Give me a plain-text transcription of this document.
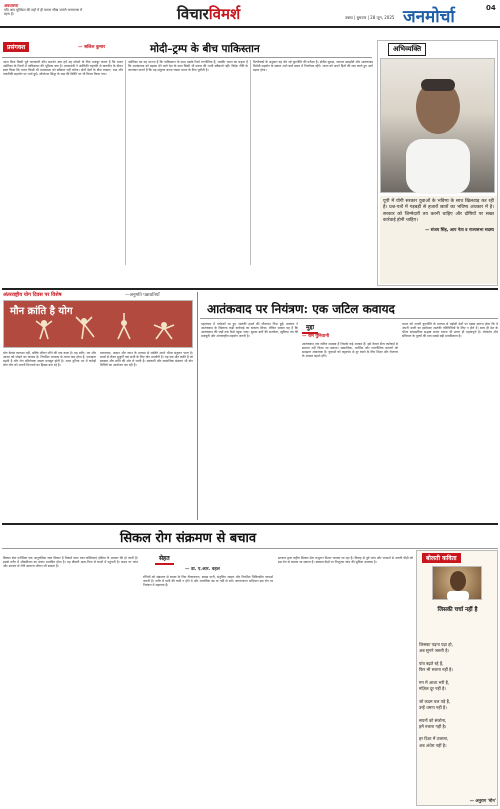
अवधारणा
यदि आप मुश्किल की राहों में ही चलना सीख जाएंगे जनमानस में रहना है।	विचारविमर्श	उन्नाव | बुधवार | 28 जून, 2025 जनमोर्चा	04
प्रसंगवश	— सलिल कुमार	मोदी–ट्रम्प के बीच पाकिस्तान
आज बिना किसी पूर्व जानकारी कौन समर्थन क्या हमें यह सोचने के लिए मजबूर करता है कि भारत अमेरिका के रिश्तों में पाकिस्तान की भूमिका क्या है। प्रधानमंत्री ने अमेरिकी राष्ट्रपति से बातचीत के दौरान स्पष्ट किया कि भारत किसी भी मध्यस्थता को स्वीकार नहीं करेगा। दोनों देशों के बीच व्यापार, रक्षा और तकनीकी सहयोग पर चर्चा हुई। ऑपरेशन सिंदूर के बाद की स्थिति पर भी विचार किया गया।
अमेरिका का यह मानना है कि पाकिस्तान के साथ उसके रिश्ते रणनीतिक हैं, जबकि भारत का कहना है कि आतंकवाद को बढ़ावा देने वाले देश के साथ किसी भी प्रकार की नरमी स्वीकार्य नहीं। विदेश नीति के जानकार मानते हैं कि यह संतुलन बनाए रखना भारत के लिए चुनौती है।
विश्लेषकों के अनुसार यह दौर नई कूटनीति की परीक्षा है। क्षेत्रीय सुरक्षा, व्यापार समझौते और आतंकवाद विरोधी सहयोग के सवाल आने वाले समय में निर्णायक रहेंगे। भारत को अपने हितों की रक्षा करते हुए आगे बढ़ना होगा।
अभिव्यक्ति
यूपी में योगी सरकार युवाओं के भविष्य के साथ खिलवाड़ कर रही है। प्रश्न-पत्रों में गड़बड़ी से हजारों छात्रों का भविष्य अंधकार में है। सरकार को जिम्मेदारी तय करनी चाहिए और दोषियों पर सख्त कार्रवाई होनी चाहिए।
— संजय सिंह, आप नेता व राज्यसभा सदस्य
अंतरराष्ट्रीय योग दिवस पर विशेष	—अनुमति पन्नावतियाँ
मौन क्रांति है योग
योग केवल व्यायाम नहीं, बल्कि जीवन जीने की एक कला है। यह शरीर, मन और आत्मा को जोड़ने का माध्यम है। नियमित अभ्यास से तनाव कम होता है, एकाग्रता बढ़ती है और रोग प्रतिरोधक क्षमता मजबूत होती है। आज दुनिया भर में करोड़ों लोग योग को अपनी दिनचर्या का हिस्सा बना रहे हैं।
प्राणायाम, आसन और ध्यान के माध्यम से व्यक्ति अपने भीतर संतुलन पाता है। बच्चों से लेकर बुजुर्गों तक सभी के लिए योग उपयोगी है। यह एक मौन क्रांति है जो स्वास्थ्य और शांति की ओर ले जाती है। सरकारी और सामाजिक संस्थाएं भी योग शिविरों का आयोजन कर रही हैं।
आतंकवाद पर नियंत्रण: एक जटिल कवायद
पहलगाम में पर्यटकों पर हुए आतंकी हमले की चौतरफा निंदा हुई। सरकार ने आतंकवाद के खिलाफ कड़ी कार्रवाई का संकल्प लिया। लेकिन सवाल यह है कि आतंकवाद की जड़ों तक कैसे पहुंचा जाए। सुरक्षा बलों की सतर्कता, खुफिया तंत्र की मजबूती और अंतरराष्ट्रीय सहयोग जरूरी है।
मुद्दा
— राम पुनियानी
आतंकवाद एक जटिल समस्या है जिसके कई आयाम हैं। इसे केवल सैन्य कार्रवाई से समाप्त नहीं किया जा सकता। सामाजिक, आर्थिक और राजनीतिक कारणों को समझना आवश्यक है। युवाओं को कट्टरपंथ से दूर रखने के लिए शिक्षा और रोजगार के अवसर बढ़ाने होंगे।
भारत को अपनी कूटनीति के माध्यम से पड़ोसी देशों पर दबाव बनाना होगा कि वे अपनी धरती का इस्तेमाल आतंकी गतिविधियों के लिए न होने दें। साथ ही देश के भीतर सांप्रदायिक सद्भाव बनाए रखना भी उतना ही महत्वपूर्ण है। लोकतंत्र और संविधान के मूल्यों की रक्षा सबसे बड़ी प्राथमिकता है।
सिकल रोग संक्रमण से बचाव
सेहत
— डा. ए.आर. वहल
सिकल सेल एनीमिया एक आनुवंशिक रक्त विकार है जिसमें लाल रक्त कोशिकाएं हंसिया के आकार की हो जाती हैं। इससे शरीर में ऑक्सीजन का संचार प्रभावित होता है। यह बीमारी माता-पिता से बच्चों में पहुंचती है। समय पर जांच और उपचार से रोगी सामान्य जीवन जी सकता है।
रोगियों को संक्रमण से बचाव के लिए टीकाकरण, स्वच्छ पानी, संतुलित आहार और नियमित चिकित्सीय परामर्श जरूरी है। शरीर में पानी की कमी न होने दें और अत्यधिक ठंड या गर्मी से बचें। जागरूकता अभियान इस रोग पर नियंत्रण में सहायक हैं।
सरकार द्वारा राष्ट्रीय सिकल सेल उन्मूलन मिशन चलाया जा रहा है। विवाह से पूर्व जांच और परामर्श से अगली पीढ़ी को इस रोग से बचाया जा सकता है। स्वास्थ्य केंद्रों पर निःशुल्क जांच की सुविधा उपलब्ध है।
बोलती कविता
जिसकी चर्चा नहीं है
जिसका पढ़ना पढ़ा हो,
अब सुनने जरूरी है।

पांव बढ़ते रहे हैं,
फिर भी रुकना नहीं है।

मन में आशा भरी है,
मंज़िल दूर नहीं है।

जो कदम चल पड़े हैं,
उन्हें थमना नहीं है।

सपनों को संजोना,
हमें रुकना नहीं है।

हर दिशा में उजाला,
अब अंधेरा नहीं है।
— अनुराग 'मौन'
